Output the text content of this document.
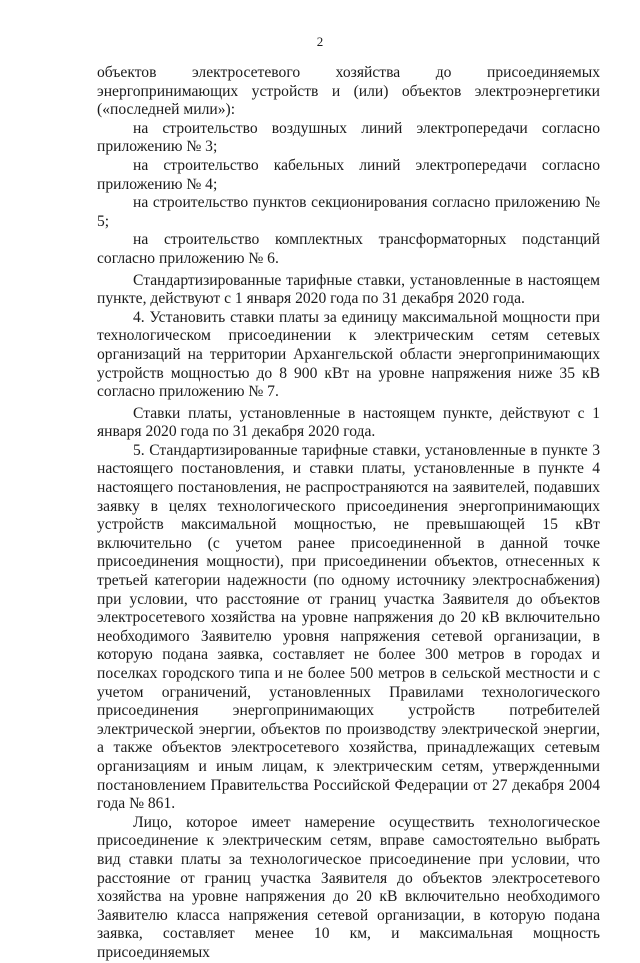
2

объектов электросетевого хозяйства до присоединяемых энергопринимающих устройств и (или) объектов электроэнергетики («последней мили»):

на строительство воздушных линий электропередачи согласно приложению № 3;

на строительство кабельных линий электропередачи согласно приложению № 4;

на строительство пунктов секционирования согласно приложению № 5;

на строительство комплектных трансформаторных подстанций согласно приложению № 6.

Стандартизированные тарифные ставки, установленные в настоящем пункте, действуют с 1 января 2020 года по 31 декабря 2020 года.

4. Установить ставки платы за единицу максимальной мощности при технологическом присоединении к электрическим сетям сетевых организаций на территории Архангельской области энергопринимающих устройств мощностью до 8 900 кВт на уровне напряжения ниже 35 кВ согласно приложению № 7.

Ставки платы, установленные в настоящем пункте, действуют с 1 января 2020 года по 31 декабря 2020 года.

5. Стандартизированные тарифные ставки, установленные в пункте 3 настоящего постановления, и ставки платы, установленные в пункте 4 настоящего постановления, не распространяются на заявителей, подавших заявку в целях технологического присоединения энергопринимающих устройств максимальной мощностью, не превышающей 15 кВт включительно (с учетом ранее присоединенной в данной точке присоединения мощности), при присоединении объектов, отнесенных к третьей категории надежности (по одному источнику электроснабжения) при условии, что расстояние от границ участка Заявителя до объектов электросетевого хозяйства на уровне напряжения до 20 кВ включительно необходимого Заявителю уровня напряжения сетевой организации, в которую подана заявка, составляет не более 300 метров в городах и поселках городского типа и не более 500 метров в сельской местности и с учетом ограничений, установленных Правилами технологического присоединения энергопринимающих устройств потребителей электрической энергии, объектов по производству электрической энергии, а также объектов электросетевого хозяйства, принадлежащих сетевым организациям и иным лицам, к электрическим сетям, утвержденными постановлением Правительства Российской Федерации от 27 декабря 2004 года № 861.

Лицо, которое имеет намерение осуществить технологическое присоединение к электрическим сетям, вправе самостоятельно выбрать вид ставки платы за технологическое присоединение при условии, что расстояние от границ участка Заявителя до объектов электросетевого хозяйства на уровне напряжения до 20 кВ включительно необходимого Заявителю класса напряжения сетевой организации, в которую подана заявка, составляет менее 10 км, и максимальная мощность присоединяемых
